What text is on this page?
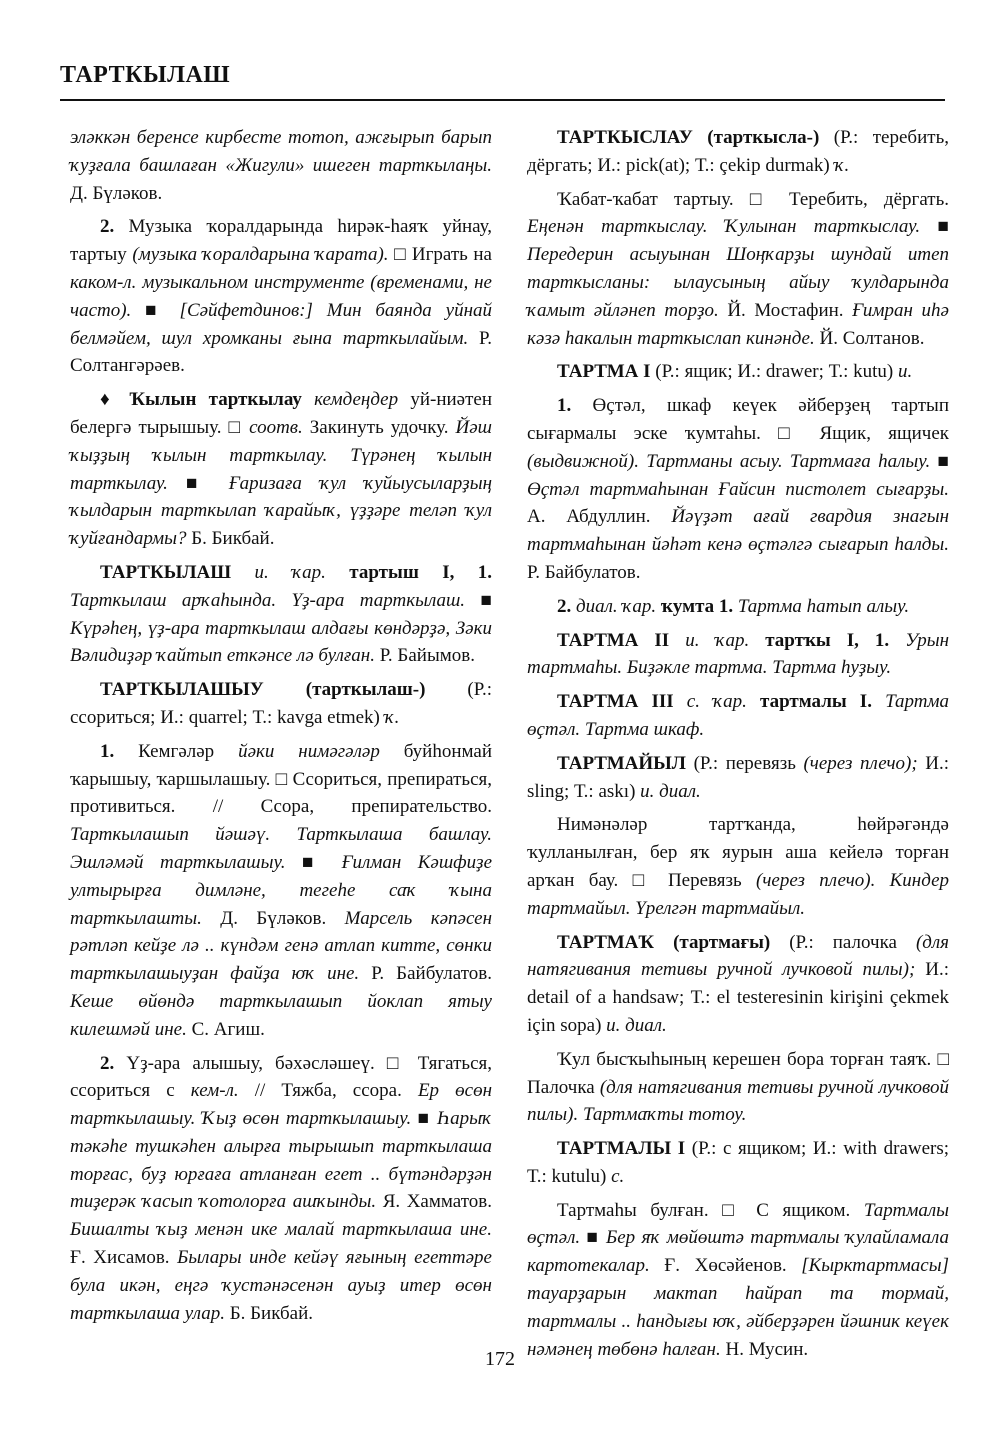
ТАРТКЫЛАШ

эләккән беренсе кирбесте тотоп, ажғырып барып ҡуҙғала башлаған «Жигули» ишеген тарткылаңы. Д. Бүләков.

2. Музыка ҡоралдарында һирәк-һаяҡ уйнау, тартыу (музыка ҡоралдарына ҡарата). □ Играть на каком-л. музыкальном инструменте (временами, не часто). ■ [Сәйфетдинов:] Мин баянда уйнай белмәйем, шул хромканы ғына тарткылайым. Р. Солтангәрәев.

♦ Ҡылын тарткылау кемдеңдер уй-ниәтен белергә тырышыу. □ соотв. Закинуть удочку. Йәш ҡыҙҙың ҡылын тарткылау. Түрәнең ҡылын тарткылау. ■ Ғаризаға ҡул ҡуйыусыларҙың ҡылдарын тарткылап ҡарайыҡ, үҙҙәре теләп ҡул ҡуйғандармы? Б. Бикбай.

ТАРТКЫЛАШ и. ҡар. тартыш I, 1. Тарткылаш арҡаһында. Үҙ-ара тарткылаш. ■ Күрәһең, үҙ-ара тарткылаш алдағы көндәрҙә, Зәки Вәлидиҙәр ҡайтып еткәнсе лә булған. Р. Байымов.

ТАРТКЫЛАШЫУ (тарткылаш-) (Р.: ссориться; И.: quarrel; Т.: kavga etmek) ҡ.

1. Кемгәләр йәки нимәгәләр буйһонмай ҡарышыу, ҡаршылашыу. □ Ссориться, препираться, противиться. // Ссора, препирательство. Тарткылашып йәшәү. Тарткылаша башлау. Эшләмәй тарткылашыу. ■ Ғилман Кәшфиҙе ултырырға димләне, тегеһе саҡ ҡына тарткылашты. Д. Бүләков. Марсель кәпәсен рәтләп кейҙе лә .. күндәм генә атлап китте, сөнки тарткылашыуҙан файҙа юҡ ине. Р. Байбулатов. Кеше өйөндә тарткылашып йоклап ятыу килешмәй ине. С. Агиш.

2. Үҙ-ара алышыу, бәхәсләшеү. □ Тягаться, ссориться с кем-л. // Тяжба, ссора. Ер өсөн тарткылашыу. Ҡыҙ өсөн тарткылашыу. ■ Һарыҡ тәкәһе тушкәһен алырға тырышып тарткылаша торғас, буҙ юрғаға атланған егет .. бүтәндәрҙән тиҙерәк ҡасып ҡотолорға ашҡынды. Я. Хамматов. Бишалты ҡыҙ менән ике малай тарткылаша ине. Ғ. Хисамов. Былары инде кейәү яғының егеттәре була икән, еңгә ҡустәнәсенән ауыҙ итер өсөн тарткылаша улар. Б. Бикбай.

ТАРТКЫСЛАУ (тарткысла-) (Р.: теребить, дёргать; И.: pick(at); Т.: çekip durmak) ҡ.

Ҡабат-ҡабат тартыу. □ Теребить, дёргать. Еңенән тарткыслау. Ҡулынан тарткыслау. ■ Передерин асыуынан Шоңҡарҙы шундай итеп тарткысланы: ылаусының айыу ҡулдарында ҡамыт әйләнеп торҙо. Й. Мостафин. Ғимран иһә кәзә һакалын тарткыслап кинәнде. Й. Солтанов.

ТАРТМА I (Р.: ящик; И.: drawer; Т.: kutu) и.

1. Өҫтәл, шкаф кеүек әйберҙең тартып сығармалы эске ҡумтаһы. □ Ящик, ящичек (выдвижной). Тартманы асыу. Тартмаға һалыу. ■ Өҫтәл тартмаһынан Ғайсин пистолет сығарҙы. А. Абдуллин. Йәүҙәт ағай гвардия знагын тартмаһынан йәһәт кенә өҫтәлгә сығарып һалды. Р. Байбулатов.

2. диал. ҡар. ҡумта 1. Тартма һатып алыу.

ТАРТМА II и. ҡар. тартҡы I, 1. Урын тартмаһы. Биҙәкле тартма. Тартма һуҙыу.

ТАРТМА III с. ҡар. тартмалы I. Тартма өҫтәл. Тартма шкаф.

ТАРТМАЙЫЛ (Р.: перевязь (через плечо); И.: sling; Т.: askı) и. диал.

Нимәнәләр тартҡанда, һөйрәгәндә ҡулланылған, бер яҡ яурын аша кейелә торған арҡан бау. □ Перевязь (через плечо). Киндер тартмайыл. Үрелгән тартмайыл.

ТАРТМАҠ (тартмағы) (Р.: палочка (для натягивания тетивы ручной лучковой пилы); И.: detail of a handsaw; Т.: el testeresinin kirişini çekmek için sopa) и. диал.

Ҡул бысҡыһының керешен бора торған таяҡ. □ Палочка (для натягивания тетивы ручной лучковой пилы). Тартмаҡты тотоу.

ТАРТМАЛЫ I (Р.: с ящиком; И.: with drawers; Т.: kutulu) с.

Тартмаһы булған. □ С ящиком. Тартмалы өҫтәл. ■ Бер яҡ мөйөштә тартмалы ҡулайламала картотекалар. Ғ. Хөсәйенов. [Кырктартмасы] тауарҙарын мактап һайрап та тормай, тартмалы .. һандығы юҡ, әйберҙәрен йәшник кеүек нәмәнең төбөнә һалған. Н. Мусин.

172
